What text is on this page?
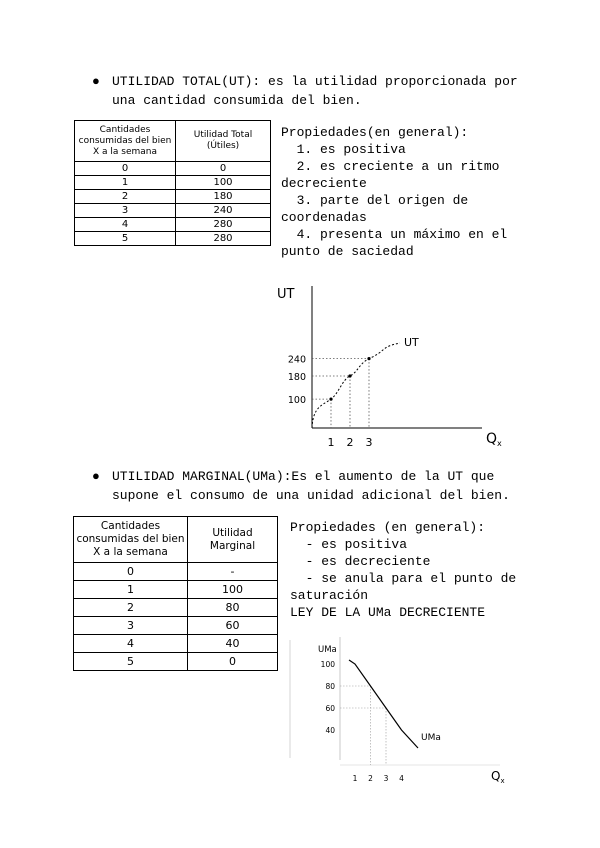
● UTILIDAD TOTAL(UT): es la utilidad proporcionada por
una cantidad consumida del bien.
Cantidades consumidas del bien X a la semana	Utilidad Total (Útiles)
0	0
1	100
2	180
3	240
4	280
5	280
Propiedades(en general):
1. es positiva
2. es creciente a un ritmo
decreciente
3. parte del origen de
coordenadas
4. presenta un máximo en el
punto de saciedad
UT
$Q_x$
UT
100
180
240
1 2 3
● UTILIDAD MARGINAL(UMa):Es el aumento de la UT que
supone el consumo de una unidad adicional del bien.
Cantidades consumidas del bien X a la semana	Utilidad Marginal
0	-
1	100
2	80
3	60
4	40
5	0
Propiedades (en general):
- es positiva
- es decreciente
- se anula para el punto de
saturación
LEY DE LA UMa DECRECIENTE
UMa
$Q_x$
UMa
100
80
60
40
1 2 3 4
